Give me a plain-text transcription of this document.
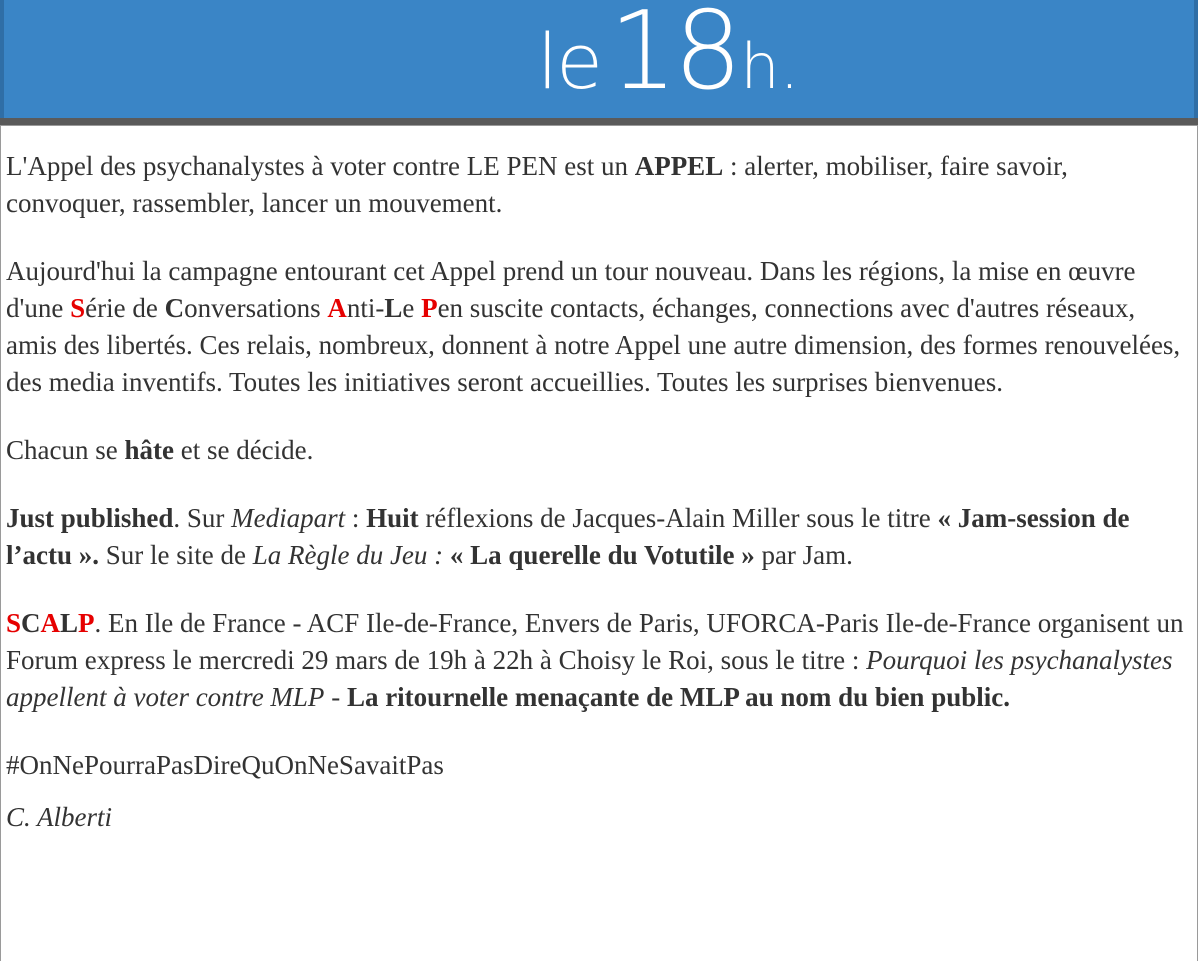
le18h.

L'Appel des psychanalystes à voter contre LE PEN est un APPEL : alerter, mobiliser, faire savoir, convoquer, rassembler, lancer un mouvement.

Aujourd'hui la campagne entourant cet Appel prend un tour nouveau. Dans les régions, la mise en œuvre d'une Série de Conversations Anti-Le Pen suscite contacts, échanges, connections avec d'autres réseaux, amis des libertés. Ces relais, nombreux, donnent à notre Appel une autre dimension, des formes renouvelées, des media inventifs. Toutes les initiatives seront accueillies. Toutes les surprises bienvenues.

Chacun se hâte et se décide.

Just published. Sur Mediapart : Huit réflexions de Jacques-Alain Miller sous le titre « Jam-session de l’actu ». Sur le site de La Règle du Jeu : « La querelle du Votutile » par Jam.

SCALP. En Ile de France - ACF Ile-de-France, Envers de Paris, UFORCA-Paris Ile-de-France organisent un Forum express le mercredi 29 mars de 19h à 22h à Choisy le Roi, sous le titre : Pourquoi les psychanalystes appellent à voter contre MLP - La ritournelle menaçante de MLP au nom du bien public.

#OnNePourraPasDireQuOnNeSavaitPas

C. Alberti
